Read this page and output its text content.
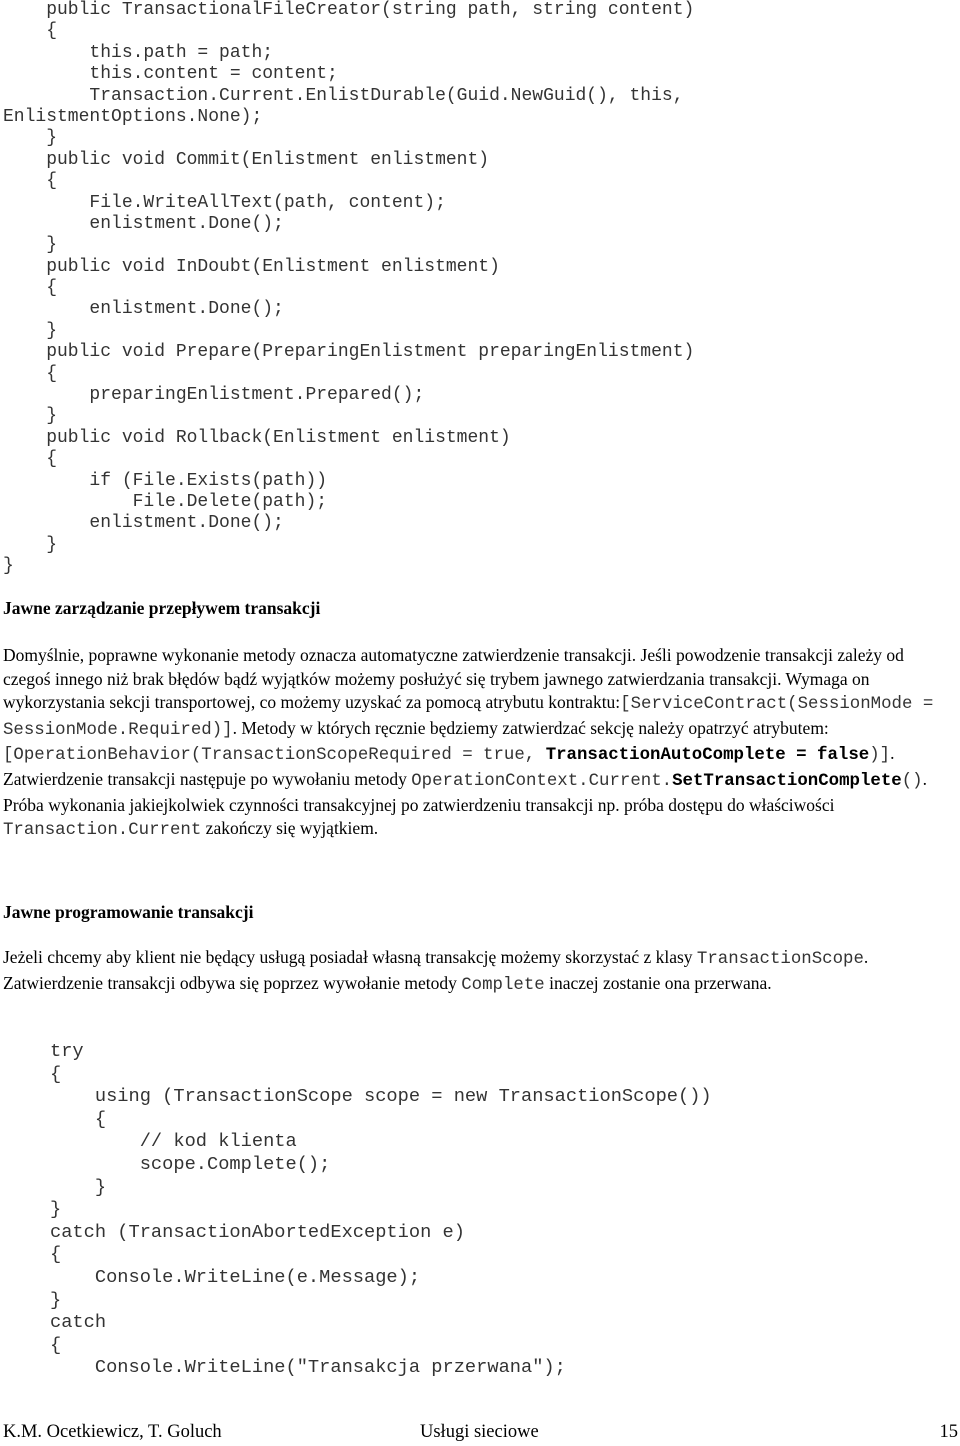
public TransactionalFileCreator(string path, string content)
{
this.path = path;
this.content = content;
Transaction.Current.EnlistDurable(Guid.NewGuid(), this,
EnlistmentOptions.None);
}
public void Commit(Enlistment enlistment)
{
File.WriteAllText(path, content);
enlistment.Done();
}
public void InDoubt(Enlistment enlistment)
{
enlistment.Done();
}
public void Prepare(PreparingEnlistment preparingEnlistment)
{
preparingEnlistment.Prepared();
}
public void Rollback(Enlistment enlistment)
{
if (File.Exists(path))
File.Delete(path);
enlistment.Done();
}
}
Jawne zarządzanie przepływem transakcji

Domyślnie, poprawne wykonanie metody oznacza automatyczne zatwierdzenie transakcji. Jeśli powodzenie transakcji zależy od czegoś innego niż brak błędów bądź wyjątków możemy posłużyć się trybem jawnego zatwierdzania transakcji. Wymaga on wykorzystania sekcji transportowej, co możemy uzyskać za pomocą atrybutu kontraktu:[ServiceContract(SessionMode = SessionMode.Required)]. Metody w których ręcznie będziemy zatwierdzać sekcję należy opatrzyć atrybutem: [OperationBehavior(TransactionScopeRequired = true, TransactionAutoComplete = false)]. Zatwierdzenie transakcji następuje po wywołaniu metody OperationContext.Current.SetTransactionComplete(). Próba wykonania jakiejkolwiek czynności transakcyjnej po zatwierdzeniu transakcji np. próba dostępu do właściwości Transaction.Current zakończy się wyjątkiem.

Jawne programowanie transakcji

Jeżeli chcemy aby klient nie będący usługą posiadał własną transakcję możemy skorzystać z klasy TransactionScope. Zatwierdzenie transakcji odbywa się poprzez wywołanie metody Complete inaczej zostanie ona przerwana.

try
{
using (TransactionScope scope = new TransactionScope())
{
// kod klienta
scope.Complete();
}
}
catch (TransactionAbortedException e)
{
Console.WriteLine(e.Message);
}
catch
{
Console.WriteLine("Transakcja przerwana");
K.M. Ocetkiewicz, T. Goluch	Usługi sieciowe	15
